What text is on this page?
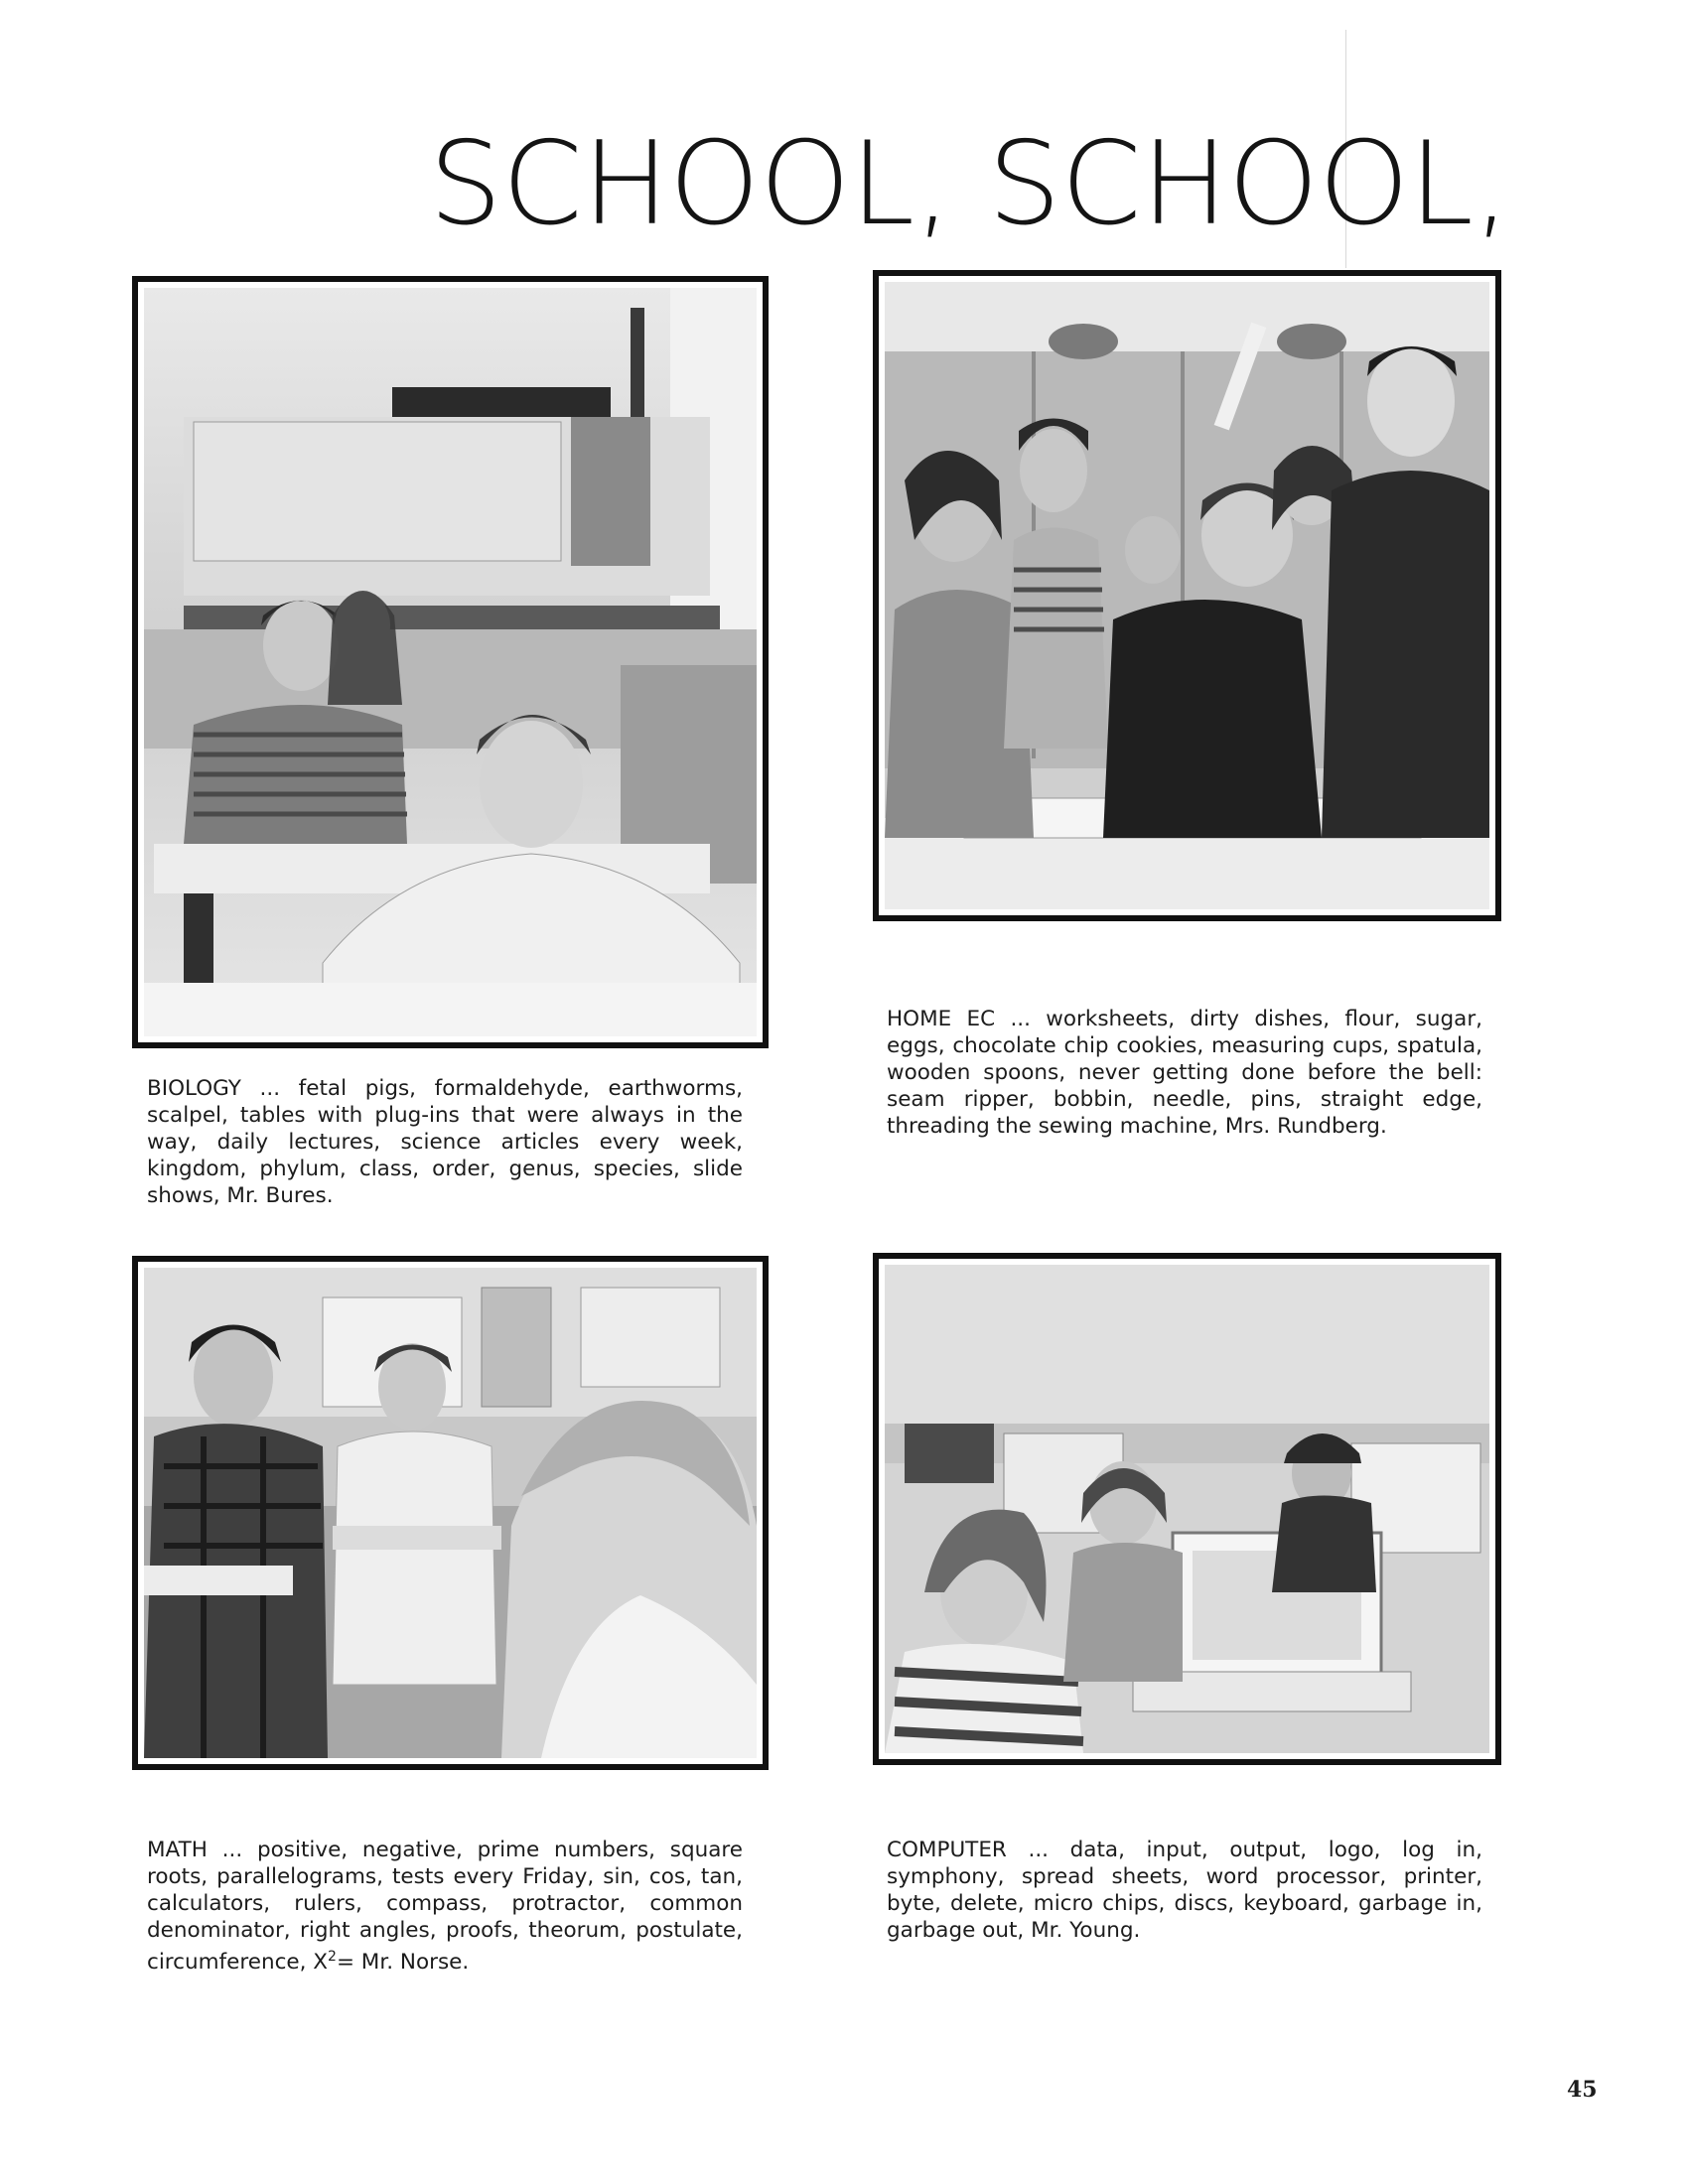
SCHOOL, SCHOOL,

BIOLOGY ... fetal pigs, formaldehyde, earthworms, scalpel, tables with plug-ins that were always in the way, daily lectures, science articles every week, kingdom, phylum, class, order, genus, species, slide shows, Mr. Bures.

HOME EC ... worksheets, dirty dishes, flour, sugar, eggs, chocolate chip cookies, measuring cups, spatula, wooden spoons, never getting done before the bell: seam ripper, bobbin, needle, pins, straight edge, threading the sewing machine, Mrs. Rundberg.

MATH ... positive, negative, prime numbers, square roots, parallelograms, tests every Friday, sin, cos, tan, calculators, rulers, compass, protractor, common denominator, right angles, proofs, theorum, postulate, circumference, $X^2= Mr$. Norse.

COMPUTER ... data, input, output, logo, log in, symphony, spread sheets, word processor, printer, byte, delete, micro chips, discs, keyboard, garbage in, garbage out, Mr. Young.

45
